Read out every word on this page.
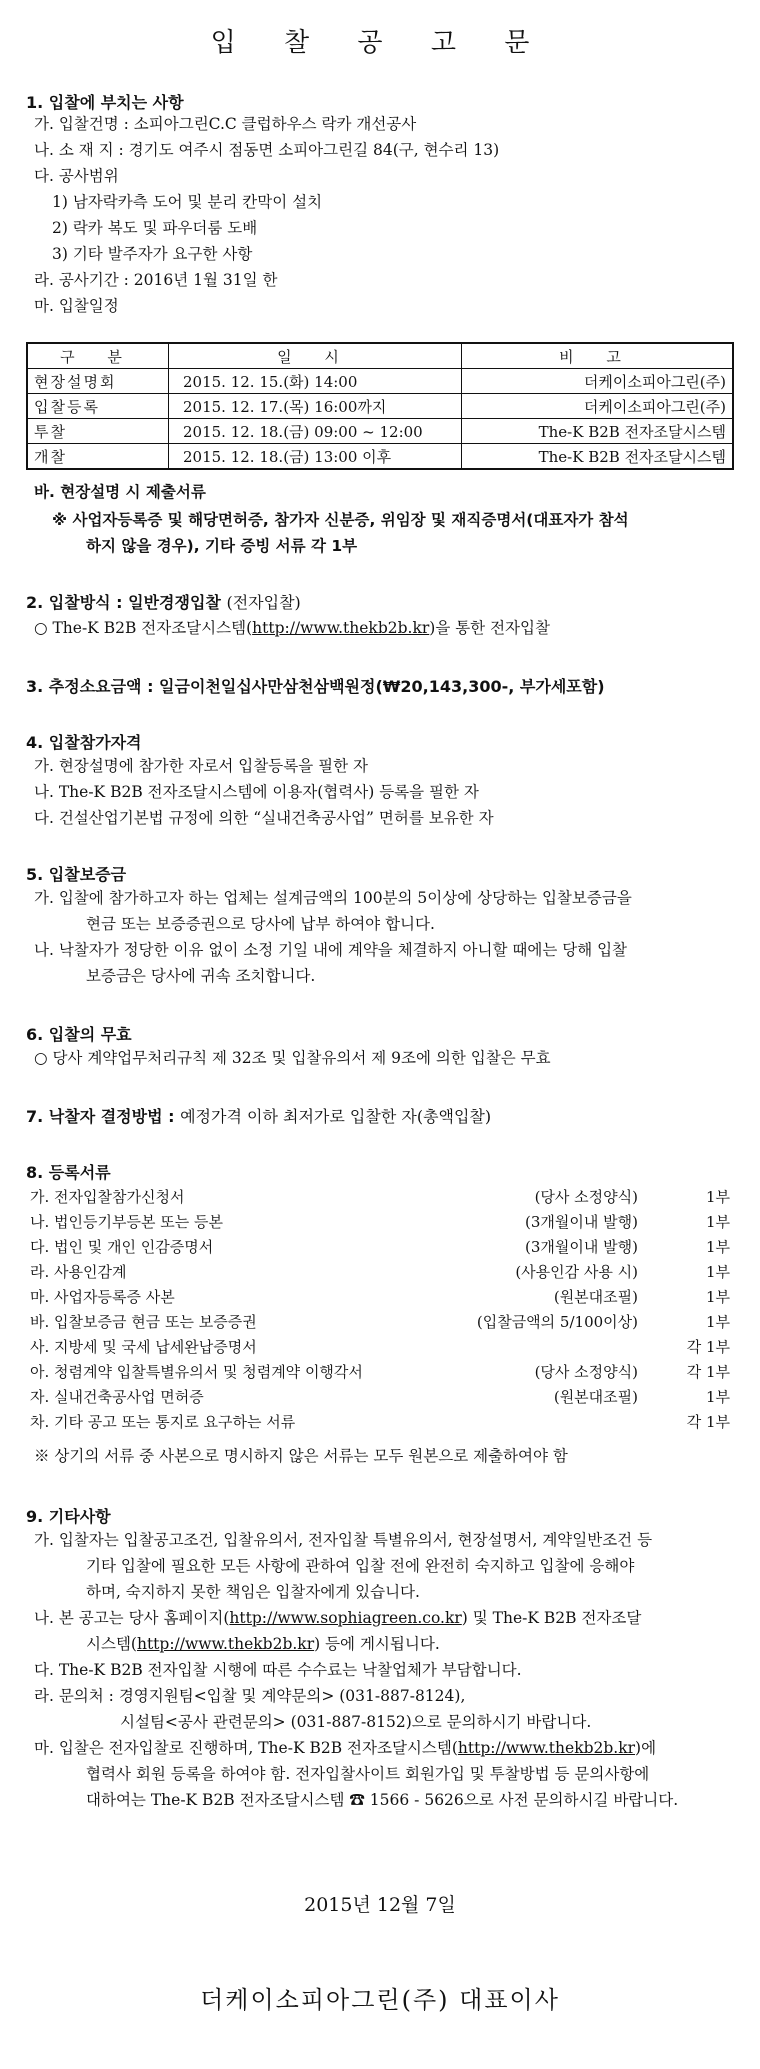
입 찰 공 고 문
1. 입찰에 부치는 사항
가. 입찰건명 : 소피아그린C.C 클럽하우스 락카 개선공사
나. 소 재 지 : 경기도 여주시 점동면 소피아그린길 84(구, 현수리 13)
다. 공사범위
1) 남자락카측 도어 및 분리 칸막이 설치
2) 락카 복도 및 파우더룸 도배
3) 기타 발주자가 요구한 사항
라. 공사기간 : 2016년 1월 31일 한
마. 입찰일정
구 분	일 시	비 고
현장설명회	2015. 12. 15.(화) 14:00	더케이소피아그린(주)
입찰등록	2015. 12. 17.(목) 16:00까지	더케이소피아그린(주)
투찰	2015. 12. 18.(금) 09:00 ~ 12:00	The-K B2B 전자조달시스템
개찰	2015. 12. 18.(금) 13:00 이후	The-K B2B 전자조달시스템
바. 현장설명 시 제출서류
※ 사업자등록증 및 해당면허증, 참가자 신분증, 위임장 및 재직증명서(대표자가 참석
하지 않을 경우), 기타 증빙 서류 각 1부
2. 입찰방식 : 일반경쟁입찰 (전자입찰)
○ The-K B2B 전자조달시스템(http://www.thekb2b.kr)을 통한 전자입찰
3. 추정소요금액 : 일금이천일십사만삼천삼백원정(₩20,143,300-, 부가세포함)
4. 입찰참가자격
가. 현장설명에 참가한 자로서 입찰등록을 필한 자
나. The-K B2B 전자조달시스템에 이용자(협력사) 등록을 필한 자
다. 건설산업기본법 규정에 의한 “실내건축공사업” 면허를 보유한 자
5. 입찰보증금
가. 입찰에 참가하고자 하는 업체는 설계금액의 100분의 5이상에 상당하는 입찰보증금을
현금 또는 보증증권으로 당사에 납부 하여야 합니다.
나. 낙찰자가 정당한 이유 없이 소정 기일 내에 계약을 체결하지 아니할 때에는 당해 입찰
보증금은 당사에 귀속 조치합니다.
6. 입찰의 무효
○ 당사 계약업무처리규칙 제 32조 및 입찰유의서 제 9조에 의한 입찰은 무효
7. 낙찰자 결정방법 : 예정가격 이하 최저가로 입찰한 자(총액입찰)
8. 등록서류
가. 전자입찰참가신청서	(당사 소정양식)	1부
나. 법인등기부등본 또는 등본	(3개월이내 발행)	1부
다. 법인 및 개인 인감증명서	(3개월이내 발행)	1부
라. 사용인감계	(사용인감 사용 시)	1부
마. 사업자등록증 사본	(원본대조필)	1부
바. 입찰보증금 현금 또는 보증증권	(입찰금액의 5/100이상)	1부
사. 지방세 및 국세 납세완납증명서	각 1부
아. 청렴계약 입찰특별유의서 및 청렴계약 이행각서	(당사 소정양식)	각 1부
자. 실내건축공사업 면허증	(원본대조필)	1부
차. 기타 공고 또는 통지로 요구하는 서류	각 1부
※ 상기의 서류 중 사본으로 명시하지 않은 서류는 모두 원본으로 제출하여야 함
9. 기타사항
가. 입찰자는 입찰공고조건, 입찰유의서, 전자입찰 특별유의서, 현장설명서, 계약일반조건 등
기타 입찰에 필요한 모든 사항에 관하여 입찰 전에 완전히 숙지하고 입찰에 응해야
하며, 숙지하지 못한 책임은 입찰자에게 있습니다.
나. 본 공고는 당사 홈페이지(http://www.sophiagreen.co.kr) 및 The-K B2B 전자조달
시스템(http://www.thekb2b.kr) 등에 게시됩니다.
다. The-K B2B 전자입찰 시행에 따른 수수료는 낙찰업체가 부담합니다.
라. 문의처 : 경영지원팀<입찰 및 계약문의> (031-887-8124),
시설팀<공사 관련문의> (031-887-8152)으로 문의하시기 바랍니다.
마. 입찰은 전자입찰로 진행하며, The-K B2B 전자조달시스템(http://www.thekb2b.kr)에
협력사 회원 등록을 하여야 함. 전자입찰사이트 회원가입 및 투찰방법 등 문의사항에
대하여는 The-K B2B 전자조달시스템 ☎ 1566 - 5626으로 사전 문의하시길 바랍니다.
2015년 12월 7일
더케이소피아그린(주) 대표이사
